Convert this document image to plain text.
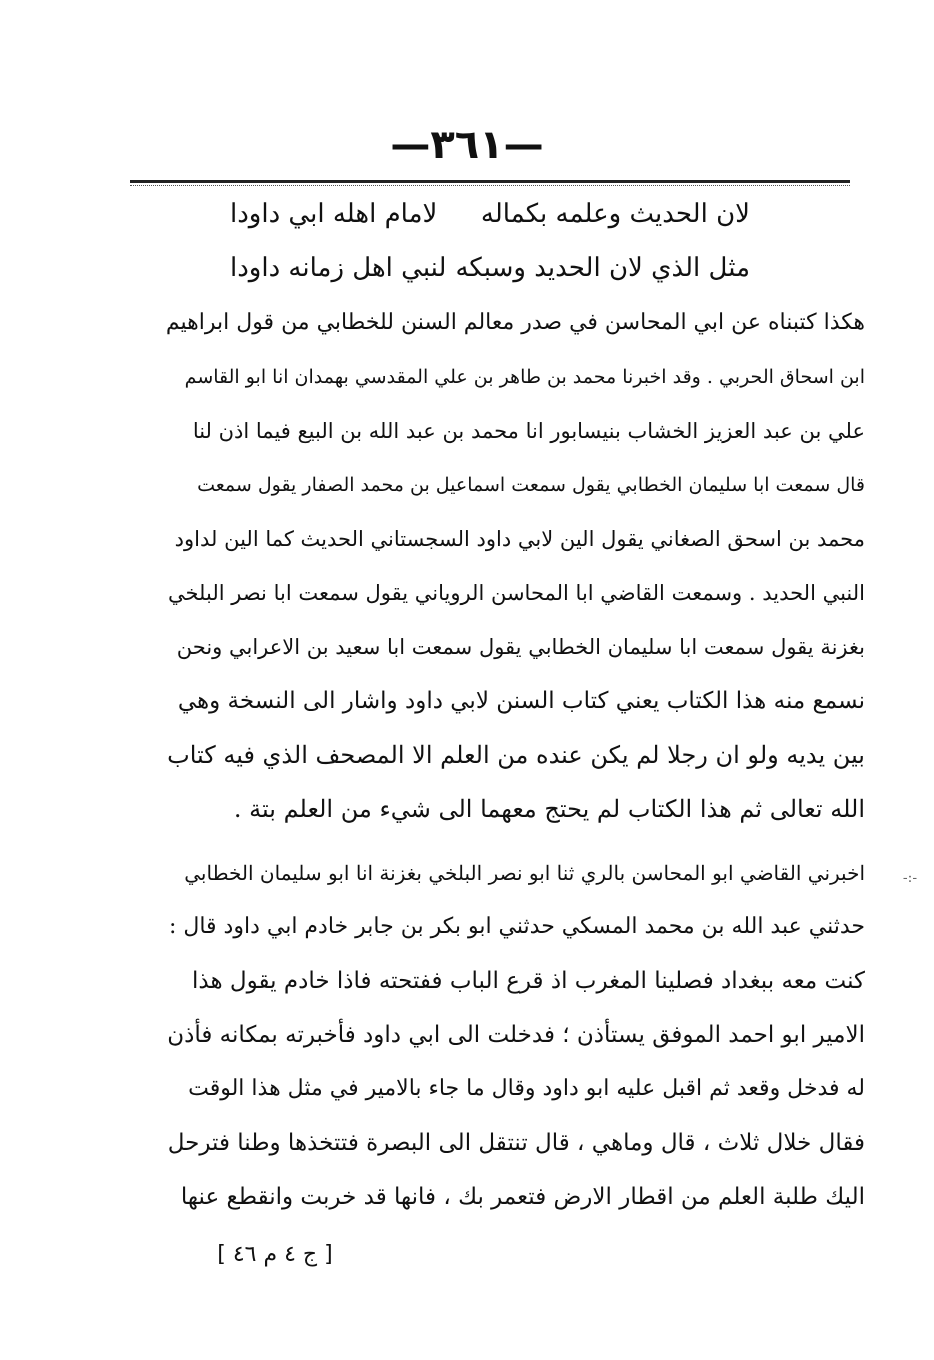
—٣٦١—
لان الحديث وعلمه بكماله
لامام اهله ابي داودا
مثل الذي لان الحديد وسبكه
لنبي اهل زمانه داودا
هكذا كتبناه عن ابي المحاسن في صدر معالم السنن للخطابي من قول ابراهيم
ابن اسحاق الحربي . وقد اخبرنا محمد بن طاهر بن علي المقدسي بهمدان انا ابو القاسم
علي بن عبد العزيز الخشاب بنيسابور انا محمد بن عبد الله بن البيع فيما اذن لنا
قال سمعت ابا سليمان الخطابي يقول سمعت اسماعيل بن محمد الصفار يقول سمعت
محمد بن اسحق الصغاني يقول الين لابي داود السجستاني الحديث كما الين لداود
النبي الحديد . وسمعت القاضي ابا المحاسن الروياني يقول سمعت ابا نصر البلخي
بغزنة يقول سمعت ابا سليمان الخطابي يقول سمعت ابا سعيد بن الاعرابي ونحن
نسمع منه هذا الكتاب يعني كتاب السنن لابي داود واشار الى النسخة وهي
بين يديه ولو ان رجلا لم يكن عنده من العلم الا المصحف الذي فيه كتاب
الله تعالى ثم هذا الكتاب لم يحتج معهما الى شيء من العلم بتة .
اخبرني القاضي ابو المحاسن بالري ثنا ابو نصر البلخي بغزنة انا ابو سليمان الخطابي
حدثني عبد الله بن محمد المسكي حدثني ابو بكر بن جابر خادم ابي داود قال :
كنت معه ببغداد فصلينا المغرب اذ قرع الباب ففتحته فاذا خادم يقول هذا
الامير ابو احمد الموفق يستأذن ؛ فدخلت الى ابي داود فأخبرته بمكانه فأذن
له فدخل وقعد ثم اقبل عليه ابو داود وقال ما جاء بالامير في مثل هذا الوقت
فقال خلال ثلاث ، قال وماهي ، قال تنتقل الى البصرة فتتخذها وطنا فترحل
اليك طلبة العلم من اقطار الارض فتعمر بك ، فانها قد خربت وانقطع عنها
[ ج ٤ م ٤٦ ]
-:-
